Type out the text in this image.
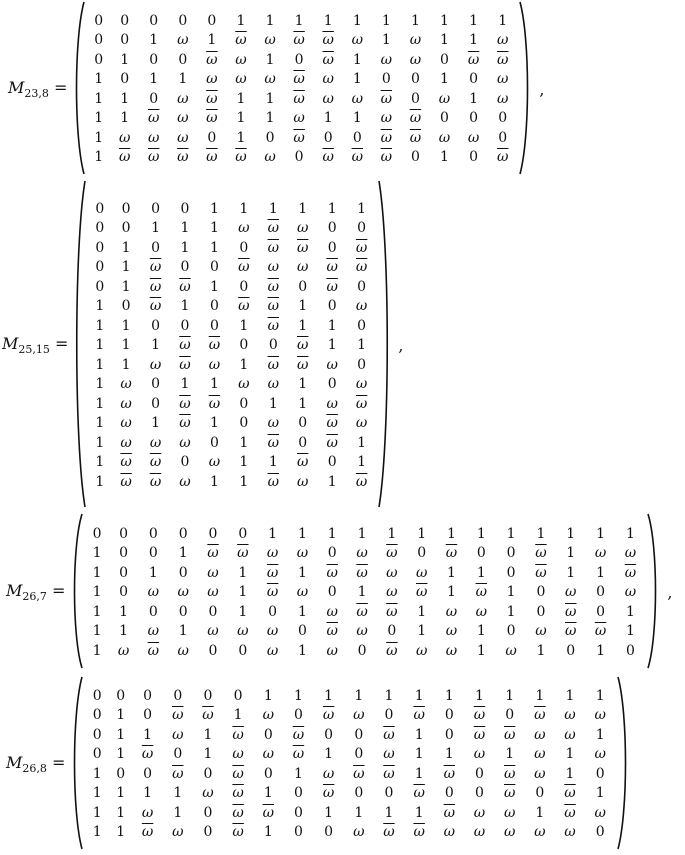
$M_{23,8}$ =
0	0	0	0	0	1	1	1	1	1	1	1	1	1	1
0	0	1	ω	1	$\overline{\omega}$	ω	$\overline{\omega}$	$\overline{\omega}$	ω	1	ω	1	1	ω
0	1	0	0	$\overline{\omega}$	ω	1	0	$\overline{\omega}$	1	ω	ω	0	$\overline{\omega}$	$\overline{\omega}$
1	0	1	1	ω	ω	ω	$\overline{\omega}$	ω	1	0	0	1	0	ω
1	1	0	ω	$\overline{\omega}$	1	1	$\overline{\omega}$	ω	ω	$\overline{\omega}$	0	ω	1	ω
1	1	$\overline{\omega}$	ω	$\overline{\omega}$	1	1	ω	1	1	ω	$\overline{\omega}$	0	0	0
1	ω	ω	ω	0	1	0	$\overline{\omega}$	0	0	$\overline{\omega}$	$\overline{\omega}$	ω	ω	0
1	$\overline{\omega}$	$\overline{\omega}$	$\overline{\omega}$	$\overline{\omega}$	$\overline{\omega}$	ω	0	$\overline{\omega}$	$\overline{\omega}$	$\overline{\omega}$	0	1	0	$\overline{\omega}$
,
$M_{25,15}$ =
0	0	0	0	1	1	1	1	1	1
0	0	1	1	1	ω	$\overline{\omega}$	ω	0	0
0	1	0	1	1	0	$\overline{\omega}$	$\overline{\omega}$	0	$\overline{\omega}$
0	1	$\overline{\omega}$	0	0	$\overline{\omega}$	ω	ω	$\overline{\omega}$	$\overline{\omega}$
0	1	$\overline{\omega}$	$\overline{\omega}$	1	0	$\overline{\omega}$	0	$\overline{\omega}$	0
1	0	$\overline{\omega}$	1	0	$\overline{\omega}$	$\overline{\omega}$	1	0	ω
1	1	0	0	0	1	$\overline{\omega}$	1	1	0
1	1	1	$\overline{\omega}$	$\overline{\omega}$	0	0	$\overline{\omega}$	1	1
1	1	ω	$\overline{\omega}$	ω	1	$\overline{\omega}$	$\overline{\omega}$	ω	0
1	ω	0	1	1	ω	ω	1	0	ω
1	ω	0	$\overline{\omega}$	$\overline{\omega}$	0	1	1	ω	$\overline{\omega}$
1	ω	1	$\overline{\omega}$	1	0	ω	0	$\overline{\omega}$	ω
1	ω	ω	ω	0	1	$\overline{\omega}$	0	$\overline{\omega}$	1
1	$\overline{\omega}$	$\overline{\omega}$	0	ω	1	1	$\overline{\omega}$	0	1
1	$\overline{\omega}$	$\overline{\omega}$	ω	1	1	$\overline{\omega}$	ω	1	$\overline{\omega}$
,
$M_{26,7}$ =
0	0	0	0	0	0	1	1	1	1	1	1	1	1	1	1	1	1	1
1	0	0	1	$\overline{\omega}$	$\overline{\omega}$	ω	ω	0	ω	$\overline{\omega}$	0	$\overline{\omega}$	0	0	$\overline{\omega}$	1	ω	ω
1	0	1	0	ω	1	$\overline{\omega}$	1	$\overline{\omega}$	$\overline{\omega}$	ω	ω	1	1	0	$\overline{\omega}$	1	1	$\overline{\omega}$
1	0	ω	ω	ω	1	$\overline{\omega}$	ω	0	1	ω	$\overline{\omega}$	1	$\overline{\omega}$	1	0	ω	0	ω
1	1	0	0	0	1	0	1	ω	$\overline{\omega}$	$\overline{\omega}$	1	ω	ω	1	0	$\overline{\omega}$	0	1
1	1	ω	1	ω	ω	ω	0	$\overline{\omega}$	ω	0	1	ω	1	0	ω	$\overline{\omega}$	$\overline{\omega}$	1
1	ω	$\overline{\omega}$	ω	0	0	ω	1	ω	0	$\overline{\omega}$	ω	ω	1	ω	1	0	1	0
,
$M_{26,8}$ =
0	0	0	0	0	0	1	1	1	1	1	1	1	1	1	1	1	1
0	1	0	$\overline{\omega}$	$\overline{\omega}$	1	ω	0	$\overline{\omega}$	ω	0	$\overline{\omega}$	0	$\overline{\omega}$	0	$\overline{\omega}$	ω	ω
0	1	1	ω	1	$\overline{\omega}$	0	$\overline{\omega}$	0	0	$\overline{\omega}$	1	0	$\overline{\omega}$	$\overline{\omega}$	ω	ω	1
0	1	$\overline{\omega}$	0	1	ω	ω	$\overline{\omega}$	1	0	ω	1	1	ω	1	ω	1	ω
1	0	0	$\overline{\omega}$	0	$\overline{\omega}$	0	1	ω	$\overline{\omega}$	$\overline{\omega}$	1	$\overline{\omega}$	0	$\overline{\omega}$	ω	1	0
1	1	1	1	ω	$\overline{\omega}$	1	0	$\overline{\omega}$	0	0	$\overline{\omega}$	0	0	$\overline{\omega}$	0	$\overline{\omega}$	1
1	1	ω	1	0	$\overline{\omega}$	$\overline{\omega}$	0	1	1	1	1	$\overline{\omega}$	ω	ω	1	$\overline{\omega}$	ω
1	1	$\overline{\omega}$	ω	0	$\overline{\omega}$	1	0	0	ω	$\overline{\omega}$	$\overline{\omega}$	ω	ω	ω	ω	ω	0
